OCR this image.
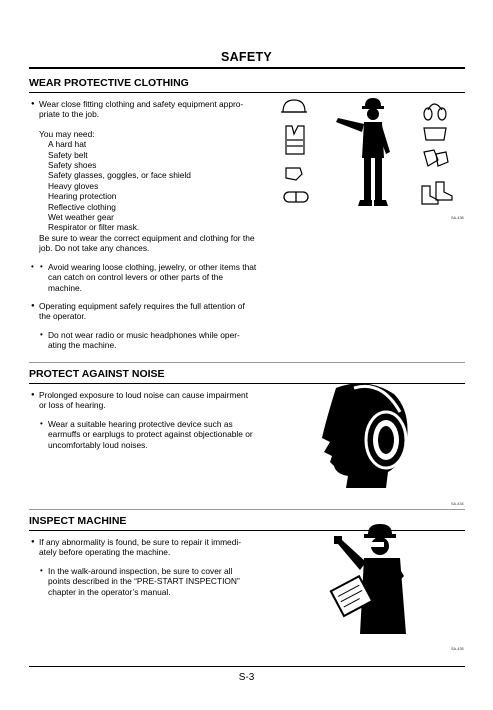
SAFETY
WEAR PROTECTIVE CLOTHING
● Wear close fitting clothing and safety equipment appro-priate to the job.
You may need:
A hard hat
Safety belt
Safety shoes
Safety glasses, goggles, or face shield
Heavy gloves
Hearing protection
Reflective clothing
Wet weather gear
Respirator or filter mask.
Be sure to wear the correct equipment and clothing for the job. Do not take any chances.
• • Avoid wearing loose clothing, jewelry, or other items that can catch on control levers or other parts of the machine.
● Operating equipment safely requires the full attention of the operator.
• Do not wear radio or music headphones while oper-ating the machine.
SA-438
PROTECT AGAINST NOISE
● Prolonged exposure to loud noise can cause impairment or loss of hearing.
• Wear a suitable hearing protective device such as earmuffs or earplugs to protect against objectionable or uncomfortably loud noises.
SA-434
INSPECT MACHINE
● If any abnormality is found, be sure to repair it immedi-ately before operating the machine.
• In the walk-around inspection, be sure to cover all points described in the “PRE-START INSPECTION” chapter in the operator’s manual.
SA-435
S-3
